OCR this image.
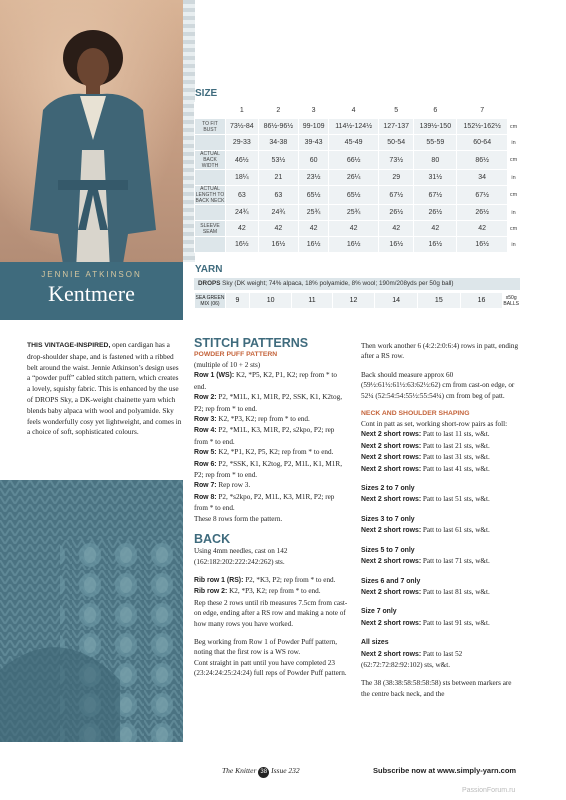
JENNIE ATKINSON
Kentmere
THIS VINTAGE-INSPIRED, open cardigan has a drop-shoulder shape, and is fastened with a ribbed belt around the waist. Jennie Atkinson’s design uses a “powder puff” cabled stitch pattern, which creates a lovely, squishy fabric. This is enhanced by the use of DROPS Sky, a DK-weight chainette yarn which blends baby alpaca with wool and polyamide. Sky feels wonderfully cosy yet lightweight, and comes in a choice of soft, sophisticated colours.
SIZE
	1	2	3	4	5	6	7	
TO FIT BUST	73½-84	86½-96½	99-109	114½-124½	127-137	139½-150	152½-162½	cm
	29-33	34-38	39-43	45-49	50-54	55-59	60-64	in
ACTUAL BACK WIDTH	46½	53½	60	66½	73½	80	86½	cm
	18¼	21	23½	26¼	29	31½	34	in
ACTUAL LENGTH TO BACK NECK	63	63	65½	65½	67½	67½	67½	cm
	24¾	24¾	25¾	25¾	26½	26½	26½	in
SLEEVE SEAM	42	42	42	42	42	42	42	cm
	16½	16½	16½	16½	16½	16½	16½	in
YARN
DROPS Sky (DK weight; 74% alpaca, 18% polyamide, 8% wool; 190m/208yds per 50g ball)
SEA GREEN MIX (06)	9	10	11	12	14	15	16	x50g BALLS
STITCH PATTERNS
POWDER PUFF PATTERN

(multiple of 10 + 2 sts)

Row 1 (WS): K2, *P5, K2, P1, K2; rep from * to end.

Row 2: P2, *M1L, K1, M1R, P2, SSK, K1, K2tog, P2; rep from * to end.

Row 3: K2, *P3, K2; rep from * to end.

Row 4: P2, *M1L, K3, M1R, P2, s2kpo, P2; rep from * to end.

Row 5: K2, *P1, K2, P5, K2; rep from * to end.

Row 6: P2, *SSK, K1, K2tog, P2, M1L, K1, M1R, P2; rep from * to end.

Row 7: Rep row 3.

Row 8: P2, *s2kpo, P2, M1L, K3, M1R, P2; rep from * to end.

These 8 rows form the pattern.

BACK

Using 4mm needles, cast on 142 (162:182:202:222:242:262) sts.

Rib row 1 (RS): P2, *K3, P2; rep from * to end.

Rib row 2: K2, *P3, K2; rep from * to end.

Rep these 2 rows until rib measures 7.5cm from cast-on edge, ending after a RS row and making a note of how many rows you have worked.

Beg working from Row 1 of Powder Puff pattern, noting that the first row is a WS row.

Cont straight in patt until you have completed 23 (23:24:24:25:24:24) full reps of Powder Puff pattern.

Then work another 6 (4:2:2:0:6:4) rows in patt, ending after a RS row.

Back should measure approx 60 (59½:61½:61½:63:62½:62) cm from cast-on edge, or 52¼ (52:54:54:55½:55:54¼) cm from beg of patt.

NECK AND SHOULDER SHAPING

Cont in patt as set, working short-row pairs as foll:

Next 2 short rows: Patt to last 11 sts, w&t.

Next 2 short rows: Patt to last 21 sts, w&t.

Next 2 short rows: Patt to last 31 sts, w&t.

Next 2 short rows: Patt to last 41 sts, w&t.

Sizes 2 to 7 only

Next 2 short rows: Patt to last 51 sts, w&t.

Sizes 3 to 7 only

Next 2 short rows: Patt to last 61 sts, w&t.

Sizes 5 to 7 only

Next 2 short rows: Patt to last 71 sts, w&t.

Sizes 6 and 7 only

Next 2 short rows: Patt to last 81 sts, w&t.

Size 7 only

Next 2 short rows: Patt to last 91 sts, w&t.

All sizes

Next 2 short rows: Patt to last 52 (62:72:72:82:92:102) sts, w&t.

The 38 (38:38:58:58:58:58) sts between markers are the centre back neck, and the

The Knitter 38 Issue 232	Subscribe now at www.simply-yarn.com
PassionForum.ru
